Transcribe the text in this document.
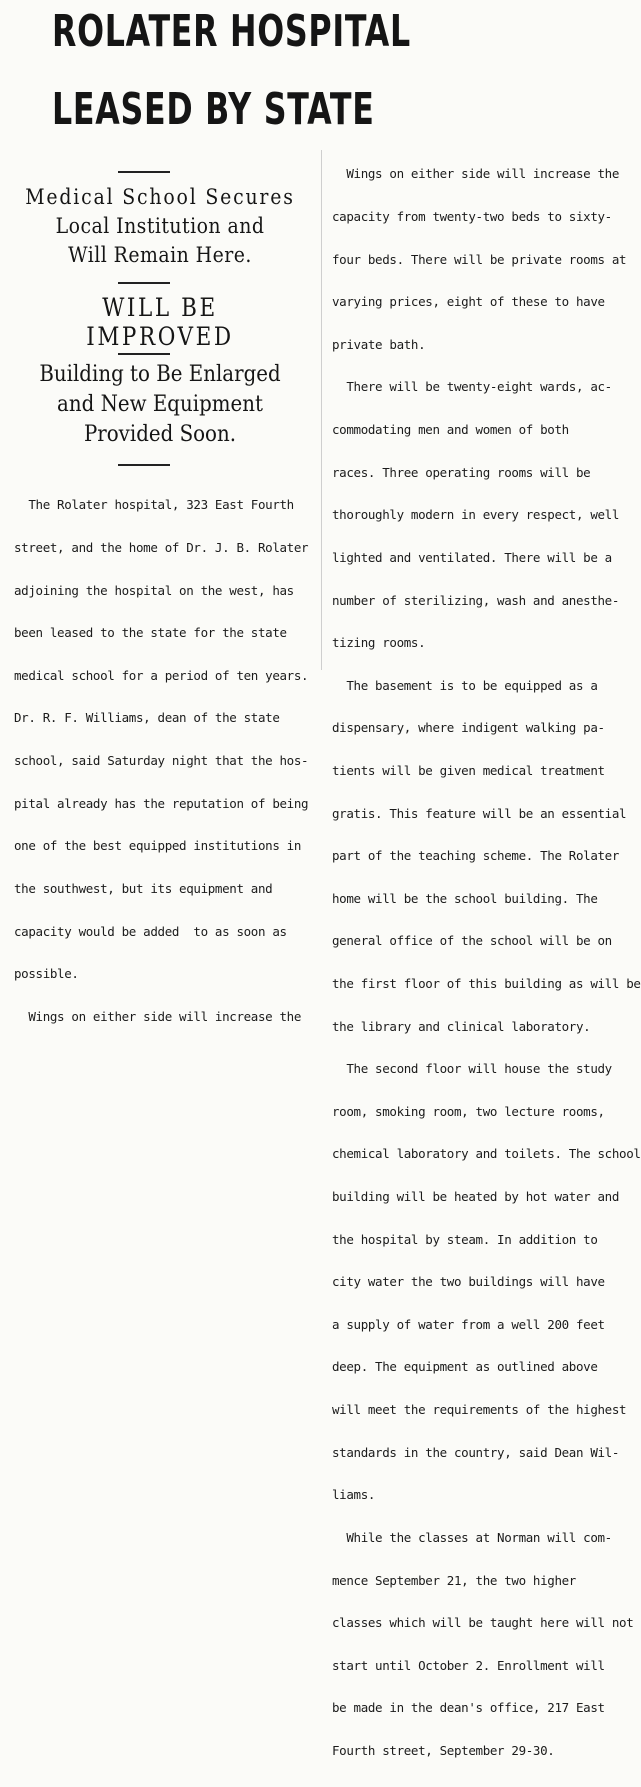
ROLATER HOSPITAL

LEASED BY STATE

Medical School Secures
Local Institution and
Will Remain Here.
WILL BE IMPROVED
Building to Be Enlarged
and New Equipment
Provided Soon.

The Rolater hospital, 323 East Fourth

street, and the home of Dr. J. B. Rolater

adjoining the hospital on the west, has

been leased to the state for the state

medical school for a period of ten years.

Dr. R. F. Williams, dean of the state

school, said Saturday night that the hos-

pital already has the reputation of being

one of the best equipped institutions in

the southwest, but its equipment and

capacity would be added  to as soon as

possible.

Wings on either side will increase the

Wings on either side will increase the

capacity from twenty-two beds to sixty-

four beds. There will be private rooms at

varying prices, eight of these to have

private bath.

There will be twenty-eight wards, ac-

commodating men and women of both

races. Three operating rooms will be

thoroughly modern in every respect, well

lighted and ventilated. There will be a

number of sterilizing, wash and anesthe-

tizing rooms.

The basement is to be equipped as a

dispensary, where indigent walking pa-

tients will be given medical treatment

gratis. This feature will be an essential

part of the teaching scheme. The Rolater

home will be the school building. The

general office of the school will be on

the first floor of this building as will be

the library and clinical laboratory.

The second floor will house the study

room, smoking room, two lecture rooms,

chemical laboratory and toilets. The school

building will be heated by hot water and

the hospital by steam. In addition to

city water the two buildings will have

a supply of water from a well 200 feet

deep. The equipment as outlined above

will meet the requirements of the highest

standards in the country, said Dean Wil-

liams.

While the classes at Norman will com-

mence September 21, the two higher

classes which will be taught here will not

start until October 2. Enrollment will

be made in the dean's office, 217 East

Fourth street, September 29-30.
